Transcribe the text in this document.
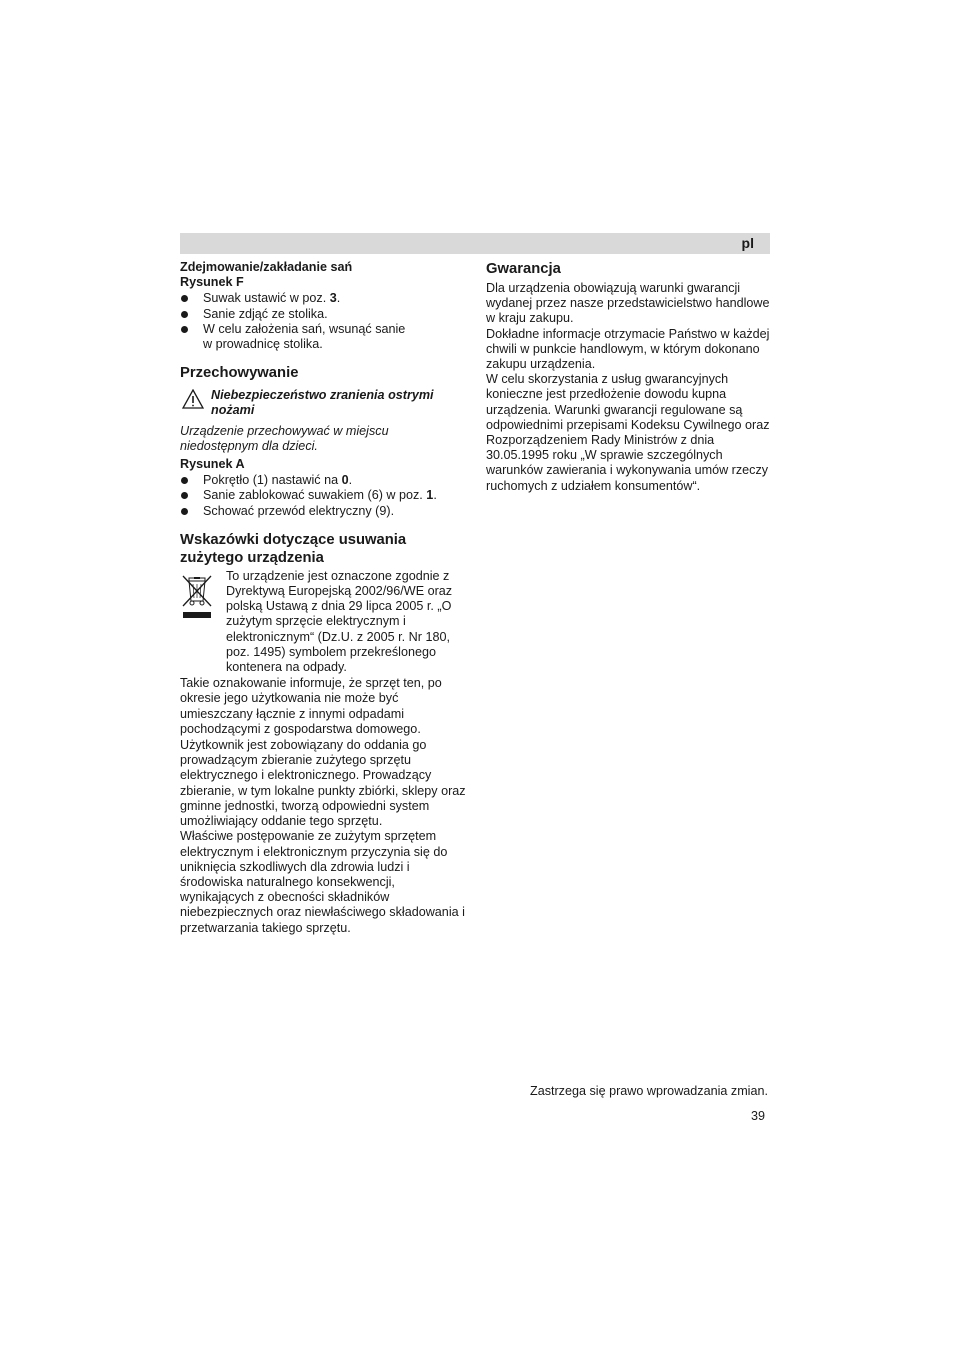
pl
Zdejmowanie/zakładanie sań
Rysunek F
Suwak ustawić w poz. 3.
Sanie zdjąć ze stolika.
W celu założenia sań, wsunąć sanie
w prowadnicę stolika.
Przechowywanie
Niebezpieczeństwo zranienia ostrymi nożami

Urządzenie przechowywać w miejscu niedostępnym dla dzieci.

Rysunek A
Pokrętło (1) nastawić na 0.
Sanie zablokować suwakiem (6) w poz. 1.
Schować przewód elektryczny (9).
Wskazówki dotyczące usuwania zużytego urządzenia

To urządzenie jest oznaczone zgodnie z Dyrektywą Europejską 2002/96/WE oraz polską Ustawą z dnia 29 lipca 2005 r. „O zużytym sprzęcie elektrycznym i elektronicznym“ (Dz.U. z 2005 r. Nr 180, poz. 1495) symbolem przekreślonego kontenera na odpady.

Takie oznakowanie informuje, że sprzęt ten, po okresie jego użytkowania nie może być umieszczany łącznie z innymi odpadami pochodzącymi z gospodarstwa domowego.

Użytkownik jest zobowiązany do oddania go prowadzącym zbieranie zużytego sprzętu elektrycznego i elektronicznego. Prowadzący zbieranie, w tym lokalne punkty zbiórki, sklepy oraz gminne jednostki, tworzą odpowiedni system umożliwiający oddanie tego sprzętu.

Właściwe postępowanie ze zużytym sprzętem elektrycznym i elektronicznym przyczynia się do uniknięcia szkodliwych dla zdrowia ludzi i środowiska naturalnego konsekwencji, wynikających z obecności składników niebezpiecznych oraz niewłaściwego składowania i przetwarzania takiego sprzętu.

Gwarancja

Dla urządzenia obowiązują warunki gwarancji wydanej przez nasze przedstawicielstwo handlowe w kraju zakupu.

Dokładne informacje otrzymacie Państwo w każdej chwili w punkcie handlowym, w którym dokonano zakupu urządzenia.

W celu skorzystania z usług gwarancyjnych konieczne jest przedłożenie dowodu kupna urządzenia. Warunki gwarancji regulowane są odpowiednimi przepisami Kodeksu Cywilnego oraz Rozporządzeniem Rady Ministrów z dnia 30.05.1995 roku „W sprawie szczególnych warunków zawierania i wykonywania umów rzeczy ruchomych z udziałem konsumentów“.

Zastrzega się prawo wprowadzania zmian.
39
